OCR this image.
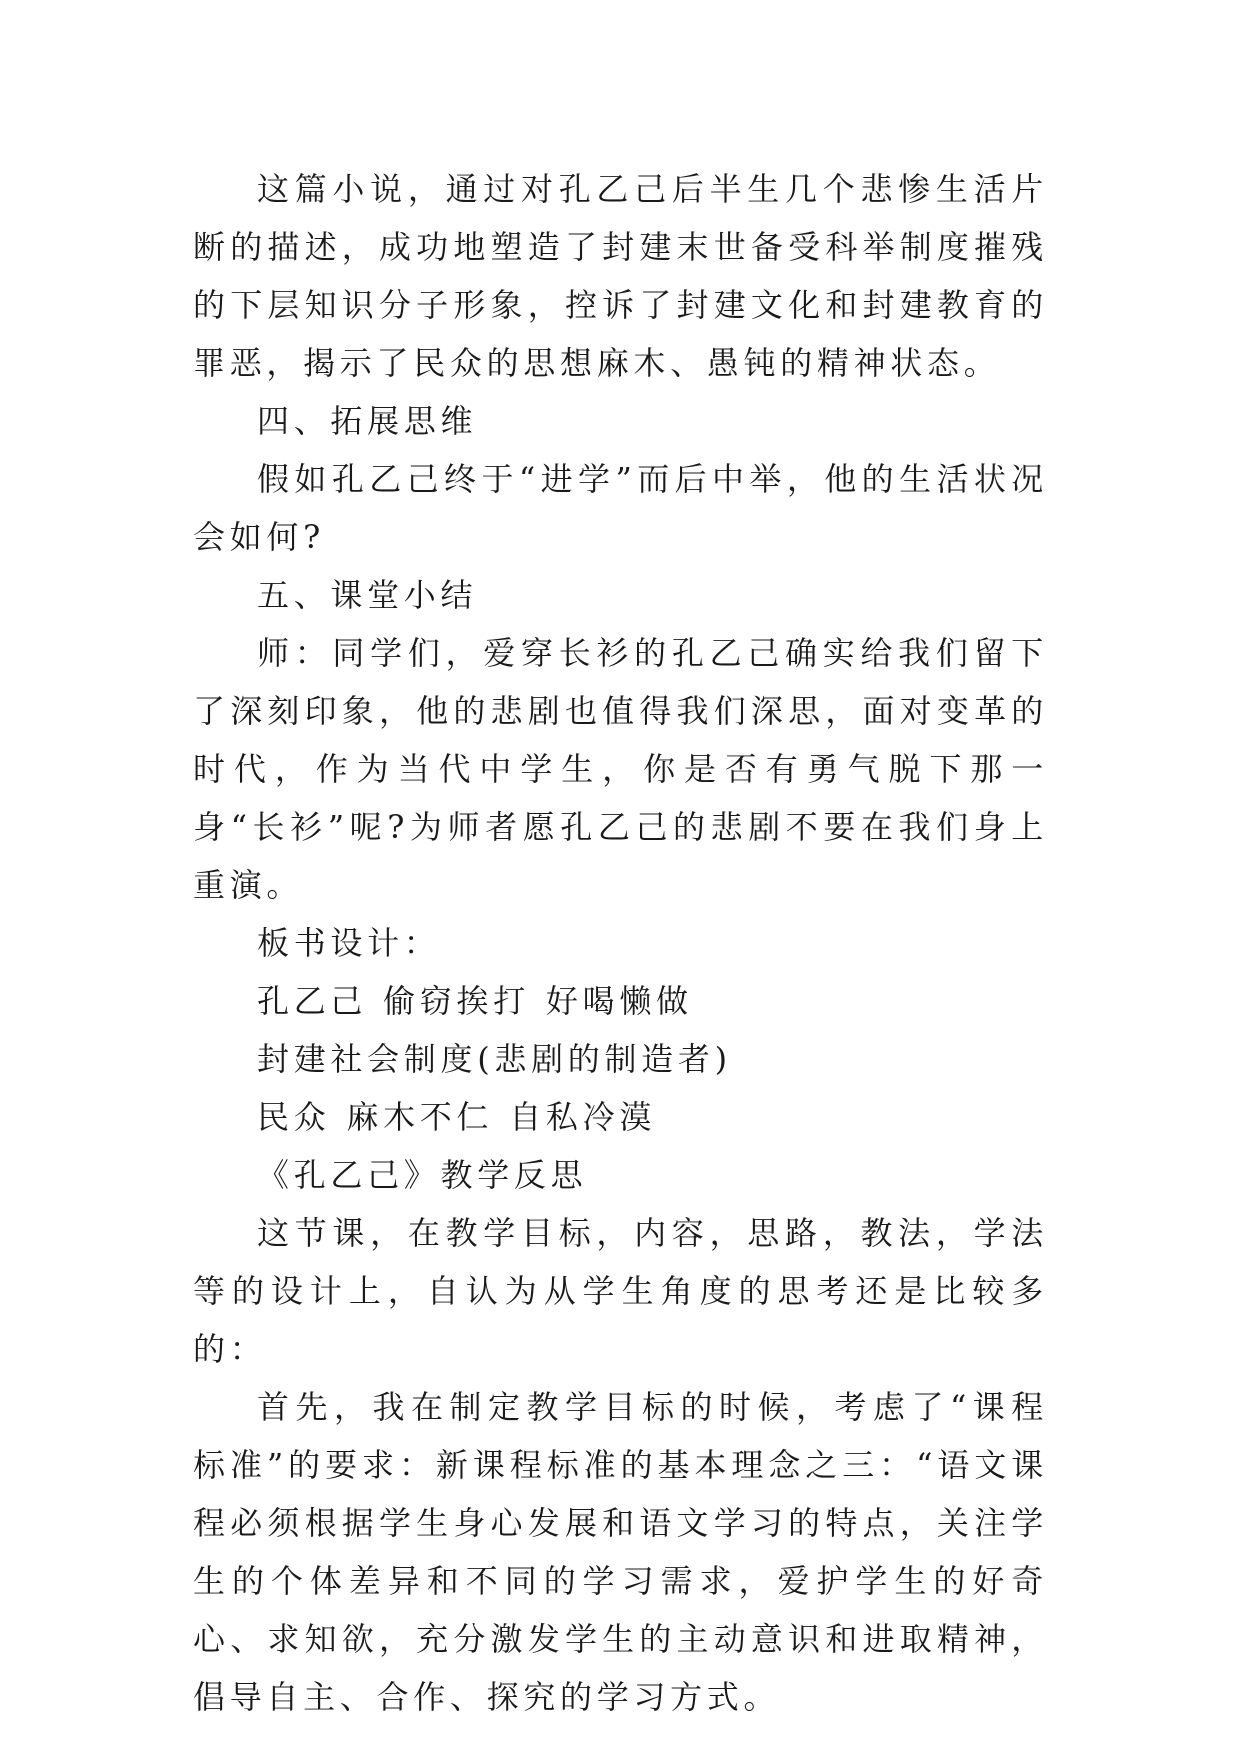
这篇小说，通过对孔乙己后半生几个悲惨生活片断的描述，成功地塑造了封建末世备受科举制度摧残的下层知识分子形象，控诉了封建文化和封建教育的罪恶，揭示了民众的思想麻木、愚钝的精神状态。

四、拓展思维

假如孔乙己终于“进学”而后中举，他的生活状况会如何?

五、课堂小结

师：同学们，爱穿长衫的孔乙己确实给我们留下了深刻印象，他的悲剧也值得我们深思，面对变革的时代，作为当代中学生，你是否有勇气脱下那一身“长衫”呢?为师者愿孔乙己的悲剧不要在我们身上重演。

板书设计：

孔乙己 偷窃挨打 好喝懒做
封建社会制度(悲剧的制造者)
民众 麻木不仁 自私冷漠
《孔乙己》教学反思

这节课，在教学目标，内容，思路，教法，学法等的设计上，自认为从学生角度的思考还是比较多的：

首先，我在制定教学目标的时候，考虑了“课程标准”的要求：新课程标准的基本理念之三：“语文课程必须根据学生身心发展和语文学习的特点，关注学生的个体差异和不同的学习需求，爱护学生的好奇心、求知欲，充分激发学生的主动意识和进取精神，倡导自主、合作、探究的学习方式。
